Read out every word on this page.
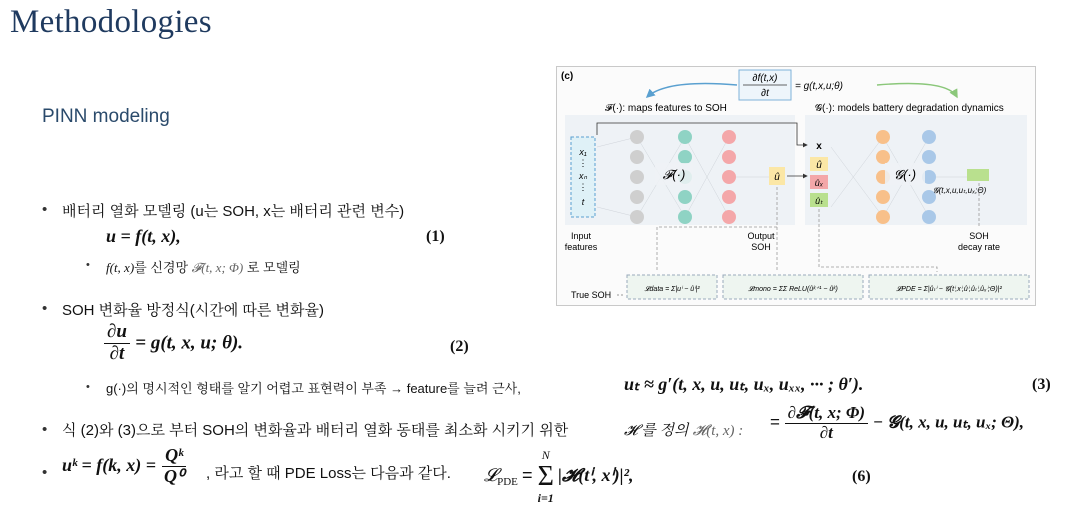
Methodologies
PINN modeling
• 배터리 열화 모델링 (u는 SOH, x는 배터리 관련 변수)
u = f(t, x),	(1)
• f(t, x)를 신경망 𝓕(t, x; Φ) 로 모델링
• SOH 변화율 방정식(시간에 따른 변화율)
$\frac{\partial u}{\partial t} = g(t$, x, u; θ).	(2)
• g(·)의 명시적인 형태를 알기 어렵고 표현력이 부족 → feature를 늘려 근사,	uₜ ≈ g′(t, x, u, uₜ, uₓ, uₓₓ, ··· ; θ′).	(3)
• 식 (2)와 (3)으로 부터 SOH의 변화율과 배터리 열화 동태를 최소화 시키기 위한	𝓗 를 정의 𝓗(t, x) : = $\frac{\text{∂𝓕(t, x; Φ)}}{\partial t}$ − 𝓖(t, x, u, uₜ, uₓ; Θ),
• uᵏ = f(k, $x) = \frac{\text{Qᵏ}}{\text{Q⁰}}$ , 라고 할 때 PDE Loss는 다음과 같다. 𝓛$_{PDE}$ =
N
Σ
i=1
|𝓗(tⁱ, xⁱ)|²,	(6)
(c)	∂f(t,x)
∂t
= g(t,x,u;θ)
𝓕(·): maps features to SOH	𝓖(·): models battery degradation dynamics
x₁
⋮
xₙ
⋮
t
𝓕(·)	û
x
û
ûₓ
ûₜ
𝓖(·)
𝓖(t,x,u,uₜ,uₓ;Θ)
Input
features
Output
SOH
SOH
decay rate
True SOH
𝓛data = Σ|uⁱ − ûⁱ|²	𝓛mono = ΣΣ ReLU(ûᵏ⁺¹ − ûᵏ)	𝓛PDE = Σ|ûₜⁱ − 𝓖(tⁱ,xⁱ,ûⁱ,ûₜⁱ,ûₓⁱ;Θ)|²
